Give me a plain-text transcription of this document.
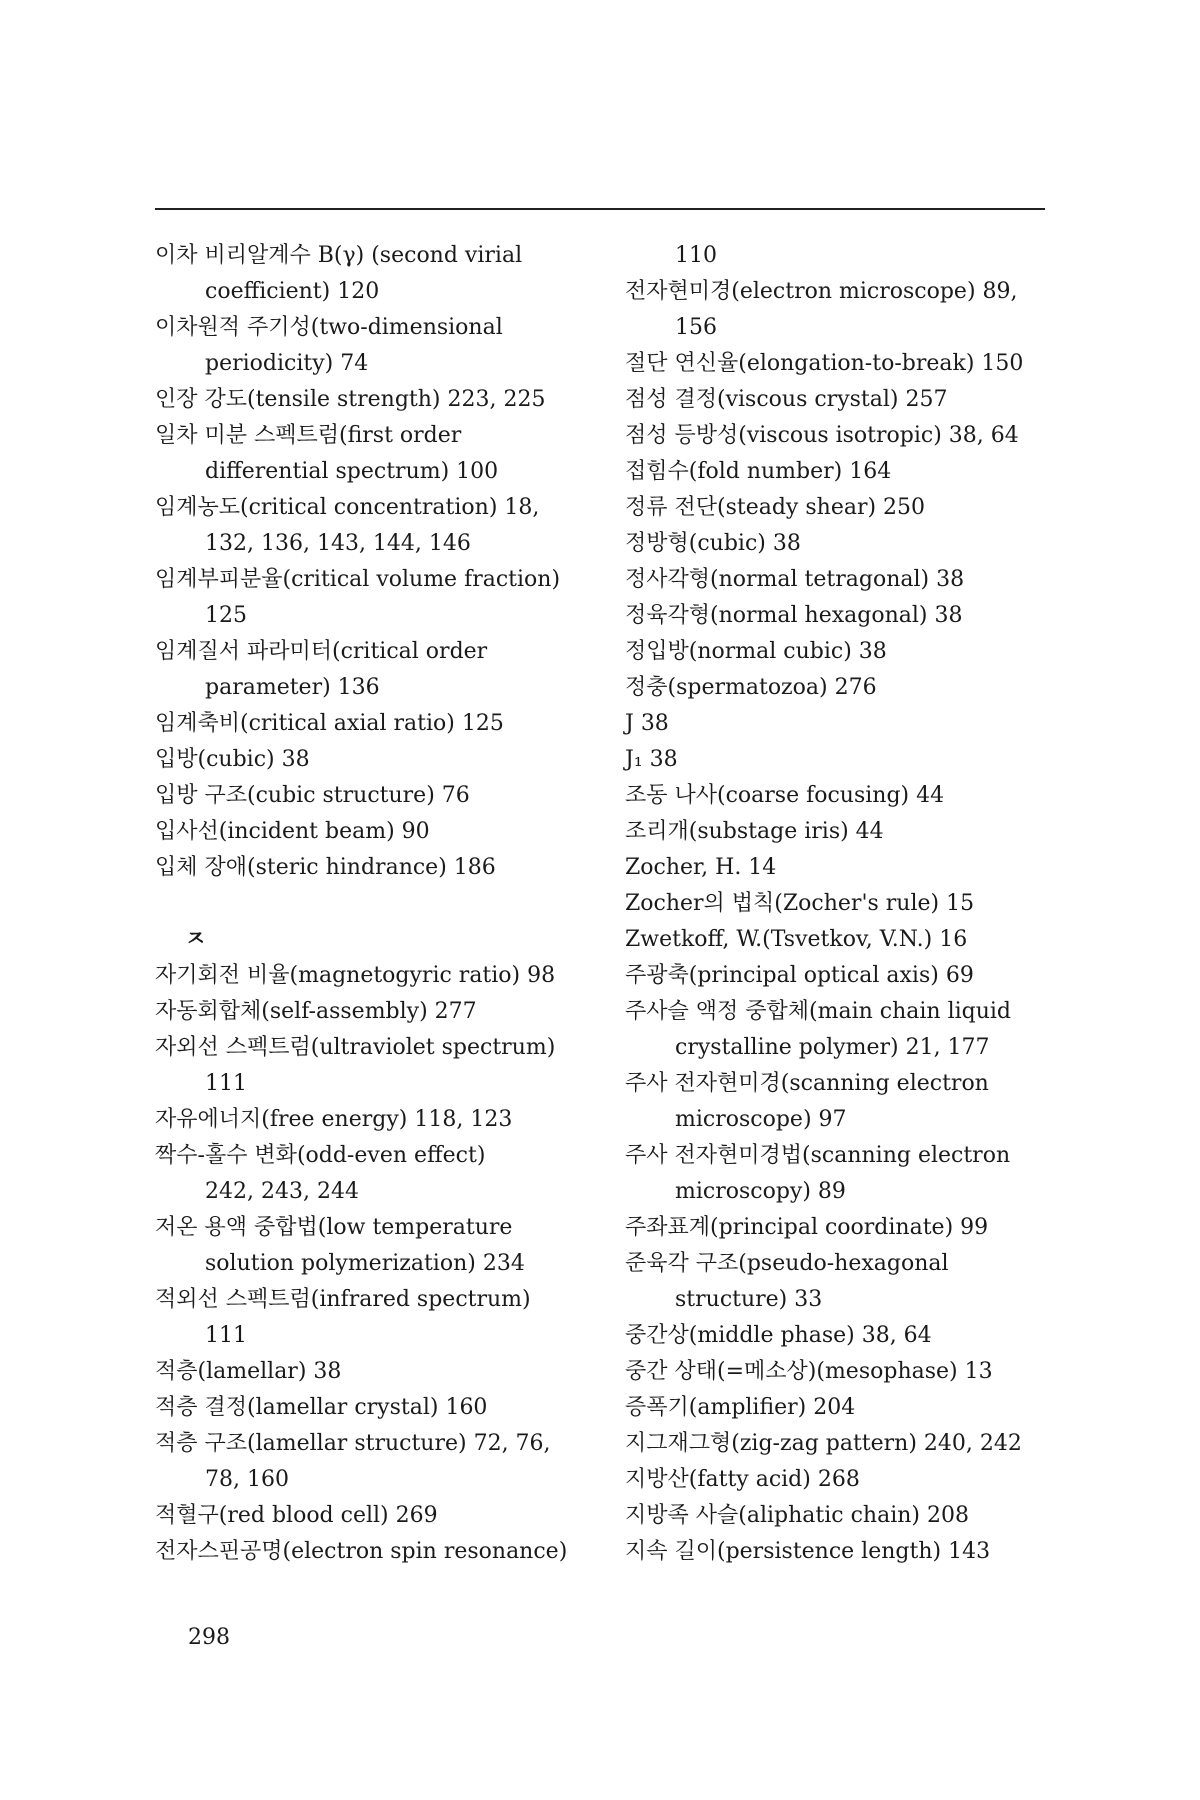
이차 비리알계수 B(γ) (second virial
coefficient) 120
이차원적 주기성(two-dimensional
periodicity) 74
인장 강도(tensile strength) 223, 225
일차 미분 스펙트럼(first order
differential spectrum) 100
임계농도(critical concentration) 18,
132, 136, 143, 144, 146
임계부피분율(critical volume fraction)
125
임계질서 파라미터(critical order
parameter) 136
임계축비(critical axial ratio) 125
입방(cubic) 38
입방 구조(cubic structure) 76
입사선(incident beam) 90
입체 장애(steric hindrance) 186
ㅈ
자기회전 비율(magnetogyric ratio) 98
자동회합체(self-assembly) 277
자외선 스펙트럼(ultraviolet spectrum)
111
자유에너지(free energy) 118, 123
짝수-홀수 변화(odd-even effect)
242, 243, 244
저온 용액 중합법(low temperature
solution polymerization) 234
적외선 스펙트럼(infrared spectrum)
111
적층(lamellar) 38
적층 결정(lamellar crystal) 160
적층 구조(lamellar structure) 72, 76,
78, 160
적혈구(red blood cell) 269
전자스핀공명(electron spin resonance)
110
전자현미경(electron microscope) 89,
156
절단 연신율(elongation-to-break) 150
점성 결정(viscous crystal) 257
점성 등방성(viscous isotropic) 38, 64
접힘수(fold number) 164
정류 전단(steady shear) 250
정방형(cubic) 38
정사각형(normal tetragonal) 38
정육각형(normal hexagonal) 38
정입방(normal cubic) 38
정충(spermatozoa) 276
J 38
J₁ 38
조동 나사(coarse focusing) 44
조리개(substage iris) 44
Zocher, H. 14
Zocher의 법칙(Zocher's rule) 15
Zwetkoff, W.(Tsvetkov, V.N.) 16
주광축(principal optical axis) 69
주사슬 액정 중합체(main chain liquid
crystalline polymer) 21, 177
주사 전자현미경(scanning electron
microscope) 97
주사 전자현미경법(scanning electron
microscopy) 89
주좌표계(principal coordinate) 99
준육각 구조(pseudo-hexagonal
structure) 33
중간상(middle phase) 38, 64
중간 상태(=메소상)(mesophase) 13
증폭기(amplifier) 204
지그재그형(zig-zag pattern) 240, 242
지방산(fatty acid) 268
지방족 사슬(aliphatic chain) 208
지속 길이(persistence length) 143
298
